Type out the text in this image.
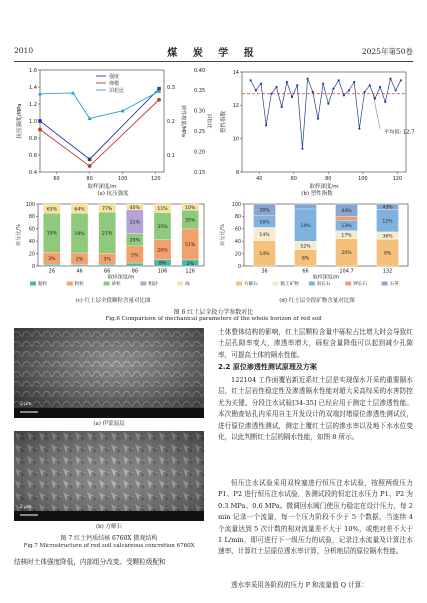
2010	煤 炭 学 报	2025年第50卷
0.4
0.6
0.8
1.0
1.2
1.4
1.6
0.1
0.2
0.3
0.15
0.20
0.25
0.30
0.35
0.40
60	80	100	120
取样深度/m
抗压强度/MPa	弹性模量/MPa	泊松比
强度
弹模
泊松比
(a) 抗压强度
8
10
12
14
40	60	80	100	120
取样深度/m
塑性指数	平均值: 12.7
(b) 塑性指数
0
20
40
60
80
100
百分比/%
3%
19%
63%
26
2%
19%
64%
46
3%
21%
77%
66
5%
29%
21%
40%
86
8%
26%
35%
11%
106
2%
51%
35%
10%
126
取样深度/m
黏粒	粉粒	砂粒	粗砂	砾
(c) 红土层全段颗粒含量对比图
0
20
40
60
80
100
百分比/%
14%
14%
16%
30%
36
8%
52%
14%
66
20%
17%
13%
44%
104.7
9%
36%
12%
43%
132
取样深度/m
方解石	黏土矿物	斜长石	钾长石	石英
(d) 红土层全段矿物含量对比图
图 6 红土层全段力学参数对比
Fig.6 Comparison of mechanical parameters of the whole horizon of red soil
2 μm
(a) 伊蒙混层
2 μm
(b) 方解石
图 7 红土钙质结核 6760X 微观结构
Fig.7 Microstructure of red soil calcareous concretion 6760X
结核时土体强度降低，内部组分改变。受颗粒级配和
土体整体结构的影响，红土层颗粒含量中砾粒占比增大时会导致红土层孔隙率变大，渗透率增大，砾粒含量降低可以起到减少孔隙率，可提高土体的隔水性能。
2.2 原位渗透性测试原理及方案
122104 工作面覆岩新近系红土层是实现保水开采的重要隔水层，红土层岩性稳定性及渗透隔水性能对超大采高综采的水害防控尤为关键。分段注水试验[34-35] 已经应用于测定土层渗透性能。本次勘查钻孔内采用自主开发设计的双端封堵原位渗透性测试仪，进行原位渗透性测试，测定上覆红土层的渗水率以及地下水水位变化，以此判断红土层的隔水性能，如图 8 所示。
恒压注水试验采用双栓塞进行恒压注水试验，按照两级压力 P1、P2 进行恒压注水试验，各测试段的恒定注水压力 P1、P2 为 0.3 MPa、0.6 MPa。微调回水阀门使压力稳定在设计压力，每 2 min 记录一个流量，每一个压力阶段不少于 5 个数据，当连续 4 个流量达到 5 次计数的相对流量差不大于 10%，或绝对差不大于 1 L/min，即可进行下一级压力的试验，记录注水流量及计算注水速率，计算红土层原位透水率计算，分析地层的原位隔水性能。
透水率采用各阶段的压力 P 和流量值 Q 计算：
